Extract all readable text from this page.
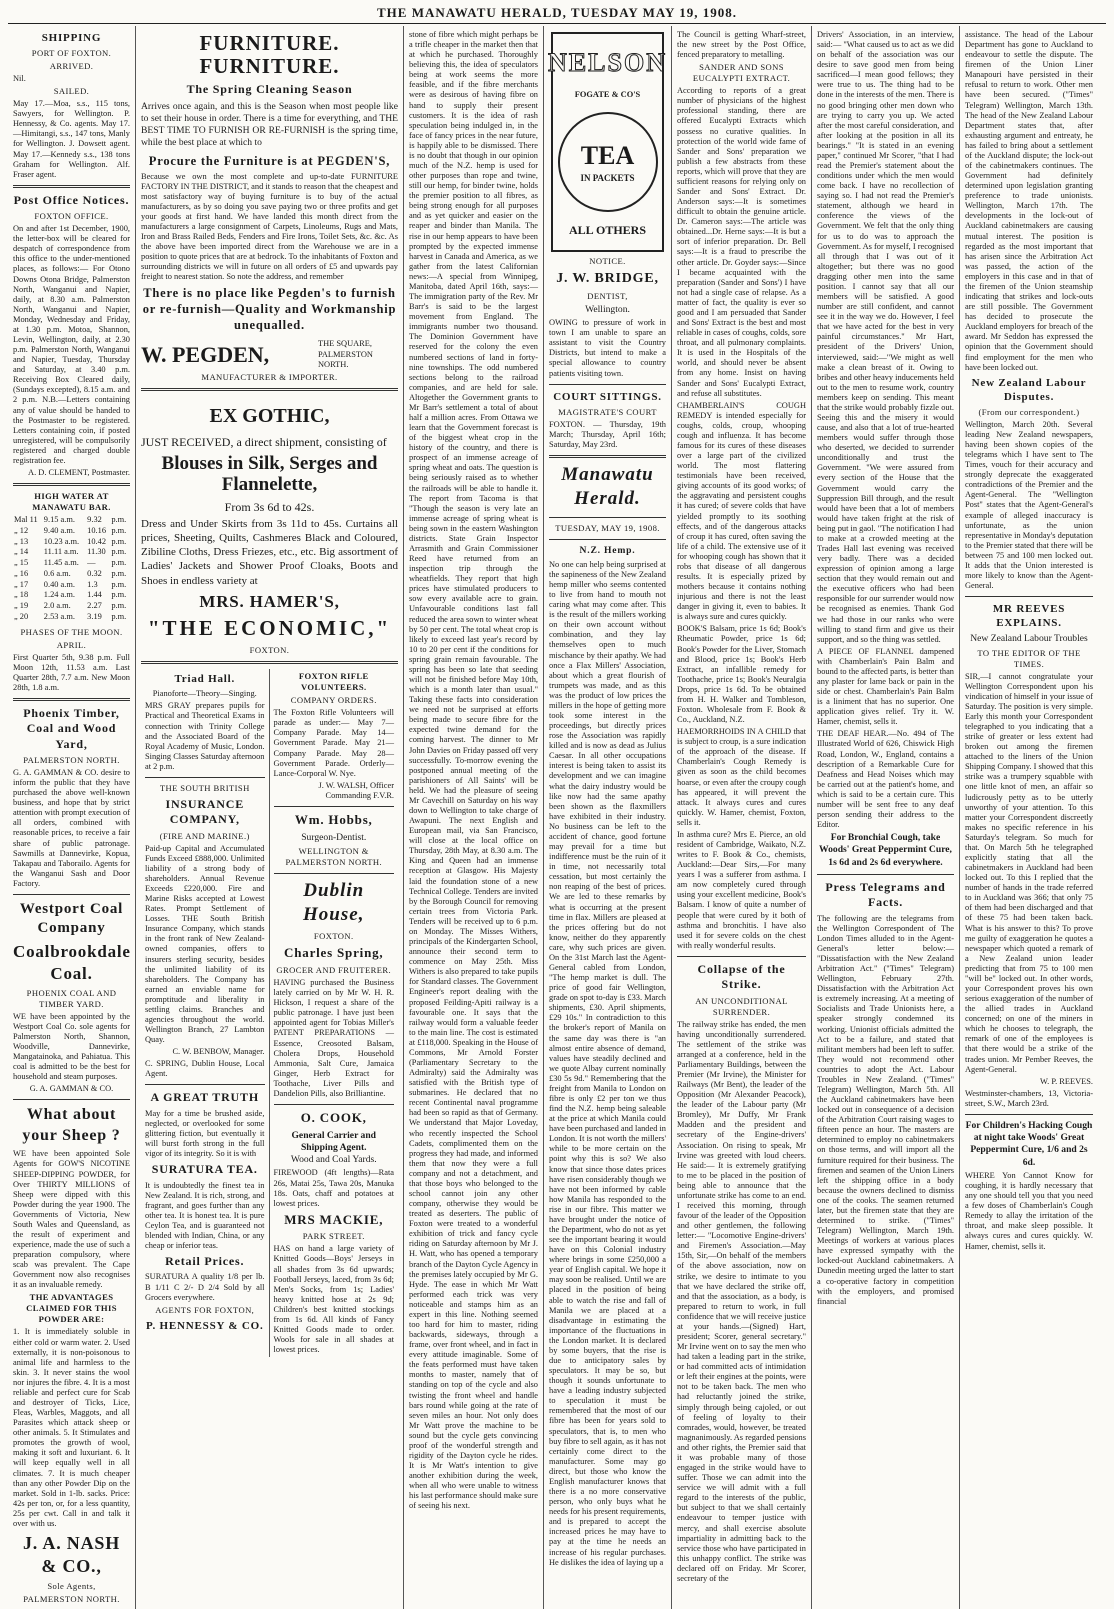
THE MANAWATU HERALD, TUESDAY MAY 19, 1908.
SHIPPING
PORT OF FOXTON.
ARRIVED.
Nil.
SAILED.
May 17.—Moa, s.s., 115 tons, Sawyers, for Wellington. P. Hennessy, & Co. agents. May 17.—Himitangi, s.s., 147 tons, Manly for Wellington. J. Dowsett agent. May 17.—Kennedy s.s., 138 tons Graham for Wellington. Alf. Fraser agent.
Post Office Notices.
FOXTON OFFICE.
On and after 1st December, 1900, the letter-box will be cleared for despatch of correspondence from this office to the under-mentioned places, as follows:— For Otono Downs Otona Bridge, Palmerston North, Wanganui and Napier, daily, at 8.30 a.m. Palmerston North, Wanganui and Napier, Monday, Wednesday and Friday, at 1.30 p.m. Motoa, Shannon, Levin, Wellington, daily, at 2.30 p.m. Palmerston North, Wanganui and Napier, Tuesday, Thursday and Saturday, at 3.40 p.m. Receiving Box Cleared daily, (Sundays excepted), 8.15 a.m. and 2 p.m. N.B.—Letters containing any of value should be handed to the Postmaster to be registered. Letters containing coin, if posted unregistered, will be compulsorily registered and charged double registration fee.
A. D. CLEMENT, Postmaster.
HIGH WATER AT MANAWATU BAR.
Mal 11	9.15 a.m.	9.32	p.m.
„ 12	9.40 a.m.	10.16	p.m.
„ 13	10.23 a.m.	10.42	p.m.
„ 14	11.11 a.m.	11.30	p.m.
„ 15	11.45 a.m.	—	p.m.
„ 16	0.6 a.m.	0.32	p.m.
„ 17	0.40 a.m.	1.3	p.m.
„ 18	1.24 a.m.	1.44	p.m.
„ 19	2.0 a.m.	2.27	p.m.
„ 20	2.53 a.m.	3.19	p.m.
PHASES OF THE MOON.
APRIL.
First Quarter 5th, 9.38 p.m. Full Moon 12th, 11.53 a.m. Last Quarter 28th, 7.7 a.m. New Moon 28th, 1.8 a.m.
Phoenix Timber, Coal and Wood Yard,
PALMERSTON NORTH.
G. A. GAMMAN & CO. desire to inform the public that they have purchased the above well-known business, and hope that by strict attention with prompt execution of all orders, combined with reasonable prices, to receive a fair share of public patronage. Sawmills at Dannevirke, Kopua, Takapau and Taborailo. Agents for the Wanganui Sash and Door Factory.
Westport Coal Company
Coalbrookdale Coal.
PHOENIX COAL AND TIMBER YARD.
WE have been appointed by the Westport Coal Co. sole agents for Palmerston North, Shannon, Woodville, Dannevirke, Mangatainoka, and Pahiatua. This coal is admitted to be the best for household and steam purposes.
G. A. GAMMAN & CO.
What about your Sheep ?
WE have been appointed Sole Agents for GOW'S NICOTINE SHEEP-DIPPING POWDER, for Over THIRTY MILLIONS of Sheep were dipped with this Powder during the year 1900. The Governments of Victoria, New South Wales and Queensland, as the result of experiment and experience, made the use of such a preparation compulsory, where scab was prevalent. The Cape Government now also recognises it as an invaluable remedy.
THE ADVANTAGES CLAIMED FOR THIS POWDER ARE:
1. It is immediately soluble in either cold or warm water. 2. Used externally, it is non-poisonous to animal life and harmless to the skin. 3. It never stains the wool nor injures the fibre. 4. It is a most reliable and perfect cure for Scab and destroyer of Ticks, Lice, Fleas, Warbles, Maggots, and all Parasites which attack sheep or other animals. 5. It Stimulates and promotes the growth of wool, making it soft and luxuriant. 6. It will keep equally well in all climates. 7. It is much cheaper than any other Powder Dip on the market. Sold in 1-lb. sacks. Price: 42s per ton, or, for a less quantity, 25s per cwt. Call in and talk it over with us.
J. A. NASH & CO.,
Sole Agents,
PALMERSTON NORTH.
FURNITURE. FURNITURE.
The Spring Cleaning Season
Arrives once again, and this is the Season when most people like to set their house in order. There is a time for everything, and THE BEST TIME TO FURNISH OR RE-FURNISH is the spring time, while the best place at which to
Procure the Furniture is at PEGDEN'S,
Because we own the most complete and up-to-date FURNITURE FACTORY IN THE DISTRICT, and it stands to reason that the cheapest and most satisfactory way of buying furniture is to buy of the actual manufacturers, as by so doing you save paying two or three profits and get your goods at first hand. We have landed this month direct from the manufacturers a large consignment of Carpets, Linoleums, Rugs and Mats, Iron and Brass Railed Beds, Fenders and Fire Irons, Toilet Sets, &c. &c. As the above have been imported direct from the Warehouse we are in a position to quote prices that are at bedrock. To the inhabitants of Foxton and surrounding districts we will in future on all orders of £5 and upwards pay freight to nearest station. So note the address, and remember
There is no place like Pegden's to furnish or re-furnish—Quality and Workmanship unequalled.
W. PEGDEN,	THE SQUARE, PALMERSTON NORTH.
MANUFACTURER & IMPORTER.
EX GOTHIC,
JUST RECEIVED, a direct shipment, consisting of
Blouses in Silk, Serges and Flannelette,
From 3s 6d to 42s.
Dress and Under Skirts from 3s 11d to 45s. Curtains all prices, Sheeting, Quilts, Cashmeres Black and Coloured, Zibiline Cloths, Dress Friezes, etc., etc. Big assortment of Ladies' Jackets and Shower Proof Cloaks, Boots and Shoes in endless variety at
MRS. HAMER'S,
"THE ECONOMIC,"
FOXTON.
Triad Hall.
Pianoforte—Theory—Singing.
MRS GRAY prepares pupils for Practical and Theoretical Exams in connection with Trinity College and the Associated Board of the Royal Academy of Music, London. Singing Classes Saturday afternoon at 2 p.m.
THE SOUTH BRITISH
INSURANCE COMPANY,
(FIRE AND MARINE.)
Paid-up Capital and Accumulated Funds Exceed £888,000. Unlimited liability of a strong body of shareholders. Annual Revenue Exceeds £220,000. Fire and Marine Risks accepted at Lowest Rates. Prompt Settlement of Losses. THE South British Insurance Company, which stands in the front rank of New Zealand-owned companies, offers to insurers sterling security, besides the unlimited liability of its shareholders. The Company has earned an enviable name for promptitude and liberality in settling claims. Branches and agencies throughout the world. Wellington Branch, 27 Lambton Quay.
C. W. BENBOW, Manager.
C. SPRING, Dublin House, Local Agent.
A GREAT TRUTH
May for a time be brushed aside, neglected, or overlooked for some glittering fiction, but eventually it will burst forth strong in the full vigor of its integrity. So it is with
SURATURA TEA.
It is undoubtedly the finest tea in New Zealand. It is rich, strong, and fragrant, and goes further than any other tea. It is honest tea. It is pure Ceylon Tea, and is guaranteed not blended with Indian, China, or any cheap or inferior teas.
Retail Prices.
SURATURA A quality 1/8 per lb. B 1/11 C 2/- D 2/4 Sold by all Grocers everywhere.
AGENTS FOR FOXTON,
P. HENNESSY & CO.
FOXTON RIFLE VOLUNTEERS.
COMPANY ORDERS.
The Foxton Rifle Volunteers will parade as under:— May 7—Company Parade. May 14—Government Parade. May 21—Company Parade. May 28—Government Parade. Orderly—Lance-Corporal W. Nye.
J. W. WALSH, Officer Commanding F.V.R.
Wm. Hobbs,
Surgeon-Dentist.
WELLINGTON & PALMERSTON NORTH.
Dublin House,
FOXTON.
Charles Spring,
GROCER AND FRUITERER.
HAVING purchased the Business lately carried on by Mr W. H. R. Hickson, I request a share of the public patronage. I have just been appointed agent for Tobias Miller's PATENT PREPARATIONS — Essence, Creosoted Balsam, Cholera Drops, Household Ammonia, Salt Cure, Jamaica Ginger, Herb Extract for Toothache, Liver Pills and Dandelion Pills, also Brilliantine.
O. COOK,
General Carrier and Shipping Agent.
Wood and Coal Yards.
FIREWOOD (4ft lengths)—Rata 26s, Matai 25s, Tawa 20s, Manuka 18s. Oats, chaff and potatoes at lowest prices.
MRS MACKIE,
PARK STREET.
HAS on hand a large variety of Knitted Goods—Boys' Jerseys in all shades from 3s 6d upwards; Football Jerseys, laced, from 3s 6d; Men's Socks, from 1s; Ladies' heavy knitted hose at 2s 9d; Children's best knitted stockings from 1s 6d. All kinds of Fancy Knitted Goods made to order. Wools for sale in all shades at lowest prices.
stone of fibre which might perhaps be a trifle cheaper in the market then that at which he purchased. Thoroughly believing this, the idea of speculators being at work seems the more feasible, and if the fibre merchants were as desirous of having fibre on hand to supply their present customers. It is the idea of rash speculation being indulged in, in the face of fancy prices in the near future, is happily able to be dismissed. There is no doubt that though in our opinion much of the N.Z. hemp is used for other purposes than rope and twine, still our hemp, for binder twine, holds the premier position to all fibres, as being strong enough for all purposes and as yet quicker and easier on the reaper and binder than Manila. The rise in our hemp appears to have been prompted by the expected immense harvest in Canada and America, as we gather from the latest Californian news:—A special from Winnipeg, Manitoba, dated April 16th, says:—The immigration party of the Rev. Mr Barr's is said to be the largest movement from England. The immigrants number two thousand. The Dominion Government have reserved for the colony the even numbered sections of land in forty-nine townships. The odd numbered sections belong to the railroad companies, and are held for sale. Altogether the Government grants to Mr Barr's settlement a total of about half a million acres. From Ottawa we learn that the Government forecast is of the biggest wheat crop in the history of the country, and there is prospect of an immense acreage of spring wheat and oats. The question is being seriously raised as to whether the railroads will be able to handle it. The report from Tacoma is that "Though the season is very late an immense acreage of spring wheat is being sown in the eastern Washington districts. State Grain Inspector Arrasmith and Grain Commissioner Reed have returned from an inspection trip through the wheatfields. They report that high prices have stimulated producers to sow every available acre to grain. Unfavourable conditions last fall reduced the area sown to winter wheat by 50 per cent. The total wheat crop is likely to exceed last year's record by 10 to 20 per cent if the conditions for spring grain remain favourable. The spring has been so late that seeding will not be finished before May 10th, which is a month later than usual." Taking these facts into consideration we need not be surprised at efforts being made to secure fibre for the expected twine demand for the coming harvest. The dinner to Mr John Davies on Friday passed off very successfully. To-morrow evening the postponed annual meeting of the parishioners of All Saints' will be held. We had the pleasure of seeing Mr Cavechill on Saturday on his way down to Wellington to take charge of Awapuni. The next English and European mail, via San Francisco, will close at the local office on Thursday, 28th May, at 8.30 a.m. The King and Queen had an immense reception at Glasgow. His Majesty laid the foundation stone of a new Technical College. Tenders are invited by the Borough Council for removing certain trees from Victoria Park. Tenders will be received up to 6 p.m. on Monday. The Misses Withers, principals of the Kindergarten School, announce their second term to commence on May 25th. Miss Withers is also prepared to take pupils for Standard classes. The Government Engineer's report dealing with the proposed Feilding-Apiti railway is a favourable one. It says that the railway would form a valuable feeder to the main line. The cost is estimated at £118,000. Speaking in the House of Commons, Mr Arnold Forster (Parliamentary Secretary to the Admiralty) said the Admiralty was satisfied with the British type of submarines. He declared that no recent Continental naval programme had been so rapid as that of Germany. We understand that Major Loveday, who recently inspected the School Cadets, complimented them on the progress they had made, and informed them that now they were a full company and not a detachment, and that those boys who belonged to the school cannot join any other company, otherwise they would be treated as deserters. The public of Foxton were treated to a wonderful exhibition of trick and fancy cycle riding on Saturday afternoon by Mr J. H. Watt, who has opened a temporary branch of the Dayton Cycle Agency in the premises lately occupied by Mr G. Hyde. The ease in which Mr Watt performed each trick was very noticeable and stamps him as an expert in this line. Nothing seemed too hard for him to master, riding backwards, sideways, through a frame, over front wheel, and in fact in every attitude imaginable. Some of the feats performed must have taken months to master, namely that of standing on top of the cycle and also twisting the front wheel and handle bars round while going at the rate of seven miles an hour. Not only does Mr Watt prove the machine to be sound but the cycle gets convincing proof of the wonderful strength and rigidity of the Dayton cycle he rides. It is Mr Watt's intention to give another exhibition during the week, when all who were unable to witness his last performance should make sure of seeing his next.
NELSON
FOGATE & CO'S
TEA
IN PACKETS
ALL OTHERS
NOTICE.
J. W. BRIDGE,
DENTIST,
Wellington.
OWING to pressure of work in town I am unable to spare an assistant to visit the Country Districts, but intend to make a special allowance to country patients visiting town.
COURT SITTINGS.
MAGISTRATE'S COURT
FOXTON. — Thursday, 19th March; Thursday, April 16th; Saturday, May 23rd.
Manawatu Herald.
TUESDAY, MAY 19, 1908.
N.Z. Hemp.
No one can help being surprised at the sapineness of the New Zealand hemp miller who seems contented to live from hand to mouth not caring what may come after. This is the result of the millers working on their own account without combination, and they lay themselves open to much mischance by their apathy. We had once a Flax Millers' Association, about which a great flourish of trumpets was made, and as this was the product of low prices the millers in the hope of getting more took some interest in the proceedings, but directly prices rose the Association was rapidly killed and is now as dead as Julius Caesar. In all other occupations interest is being taken to assist its development and we can imagine what the dairy industry would be like now had the same apathy been shown as the flaxmillers have exhibited in their industry. No business can be left to the accident of chance, good fortune may prevail for a time but indifference must be the ruin of it in time, not necessarily total cessation, but most certainly the non reaping of the best of prices. We are led to these remarks by what is occurring at the present time in flax. Millers are pleased at the prices offering but do not know, neither do they apparently care, why such prices are given. On the 31st March last the Agent-General cabled from London, "The hemp market is dull. The price of good fair Wellington, grade on spot to-day is £33. March shipments, £30. April shipments, £29 10s." In contradiction to this the broker's report of Manila on the same day was there is "an almost entire absence of demand, values have steadily declined and we quote Albay current nominally £30 5s 9d." Remembering that the freight from Manila to London on fibre is only £2 per ton we thus find the N.Z. hemp being saleable at the price at which Manila could have been purchased and landed in London. It is not worth the millers' while to be more certain on the point why this is so? We also know that since those dates prices have risen considerably though we have not been informed by cable how Manila has responded to the rise in our fibre. This matter we have brought under the notice of the Department, who do not as yet see the important bearing it would have on this Colonial industry where brings in some £250,000 a year of English capital. We hope it may soon be realised. Until we are placed in the position of being able to watch the rise and fall of Manila we are placed at a disadvantage in estimating the importance of the fluctuations in the London market. It is declared by some buyers, that the rise is due to anticipatory sales by speculators. It may be so, but though it sounds unfortunate to have a leading industry subjected to speculation it must be remembered that the most of our fibre has been for years sold to speculators, that is, to men who buy fibre to sell again, as it has not certainly come direct to the manufacturer. Some may go direct, but those who know the English manufacturer knows that there is a no more conservative person, who only buys what he needs for his present requirements, and is prepared to accept the increased prices he may have to pay at the time he needs an increase of his regular purchases. He dislikes the idea of laying up a
The Council is getting Wharf-street, the new street by the Post Office, fenced preparatory to metalling.
SANDER AND SONS EUCALYPTI EXTRACT.
According to reports of a great number of physicians of the highest professional standing, there are offered Eucalypti Extracts which possess no curative qualities. In protection of the world wide fame of Sander and Sons' preparation we publish a few abstracts from these reports, which will prove that they are sufficient reasons for relying only on Sander and Sons' Extract. Dr. Anderson says:—It is sometimes difficult to obtain the genuine article. Dr. Cameron says:—The article was obtained...Dr. Herne says:—It is but a sort of inferior preparation. Dr. Bell says:—It is a fraud to prescribe the other article. Dr. Goyder says:—Since I became acquainted with the preparation (Sander and Sons') I have not had a single case of relapse. As a matter of fact, the quality is ever so good and I am persuaded that Sander and Sons' Extract is the best and most reliable in cases of coughs, colds, sore throat, and all pulmonary complaints. It is used in the Hospitals of the world, and should never be absent from any home. Insist on having Sander and Sons' Eucalypti Extract, and refuse all substitutes.
CHAMBERLAIN'S COUGH REMEDY is intended especially for coughs, colds, croup, whooping cough and influenza. It has become famous for its cures of these diseases over a large part of the civilized world. The most flattering testimonials have been received, giving accounts of its good works; of the aggravating and persistent coughs it has cured; of severe colds that have yielded promptly to its soothing effects, and of the dangerous attacks of croup it has cured, often saving the life of a child. The extensive use of it for whooping cough has shown that it robs that disease of all dangerous results. It is especially prized by mothers because it contains nothing injurious and there is not the least danger in giving it, even to babies. It is always sure and cures quickly.
BOOK'S Balsam, price 1s 6d; Book's Rheumatic Powder, price 1s 6d; Book's Powder for the Liver, Stomach and Blood, price 1s; Book's Herb Extract, an infallible remedy for Toothache, price 1s; Book's Neuralgia Drops, price 1s 6d. To be obtained from H. H. Walker and Tombleson, Foxton. Wholesale from F. Book & Co., Auckland, N.Z.
HAEMORRHOIDS IN A CHILD that is subject to croup, is a sure indication of the approach of the disease. If Chamberlain's Cough Remedy is given as soon as the child becomes hoarse, or even after the croupy cough has appeared, it will prevent the attack. It always cures and cures quickly. W. Hamer, chemist, Foxton, sells it.
In asthma cure? Mrs E. Pierce, an old resident of Cambridge, Waikato, N.Z. writes to F. Book & Co., chemists, Auckland:—Dear Sirs,—For many years I was a sufferer from asthma. I am now completely cured through using your excellent medicine, Book's Balsam. I know of quite a number of people that were cured by it both of asthma and bronchitis. I have also used it for severe colds on the chest with really wonderful results.
Collapse of the Strike.
AN UNCONDITIONAL SURRENDER.
The railway strike has ended, the men having unconditionally surrendered. The settlement of the strike was arranged at a conference, held in the Parliamentary Buildings, between the Premier (Mr Irvine), the Minister for Railways (Mr Bent), the leader of the Opposition (Mr Alexander Peacock), the leader of the Labour party (Mr Bromley), Mr Duffy, Mr Frank Madden and the president and secretary of the Engine-drivers' Association. On rising to speak, Mr Irvine was greeted with loud cheers. He said:— It is extremely gratifying to me to be placed in the position of being able to announce that the unfortunate strike has come to an end. I received this morning, through favour of the leader of the Opposition and other gentlemen, the following letter:— "Locomotive Engine-drivers' and Firemen's Association.—May 15th, Sir,—On behalf of the members of the above association, now on strike, we desire to intimate to you that we have declared the strike off, and that the association, as a body, is prepared to return to work, in full confidence that we will receive justice at your hands.—(Signed) Hart, president; Scorer, general secretary." Mr Irvine went on to say the men who had taken a leading part in the strike, or had committed acts of intimidation or left their engines at the points, were not to be taken back. The men who had reluctantly joined the strike, simply through being cajoled, or out of feeling of loyalty to their comrades, would, however, be treated magnanimously. As regarded pensions and other rights, the Premier said that it was probable many of those engaged in the strike would have to suffer. Those we can admit into the service we will admit with a full regard to the interests of the public, but subject to that we shall certainly endeavour to temper justice with mercy, and shall exercise absolute impartiality in admitting back to the service those who have participated in this unhappy conflict. The strike was declared off on Friday. Mr Scorer, secretary of the
Drivers' Association, in an interview, said:— "What caused us to act as we did on behalf of the association was our desire to save good men from being sacrificed—I mean good fellows; they were true to us. The thing had to be done in the interests of the men. There is no good bringing other men down who are trying to carry you up. We acted after the most careful consideration, and after looking at the position in all its bearings." "It is stated in an evening paper," continued Mr Scorer, "that I had read the Premier's statement about the conditions under which the men would come back. I have no recollection of saying so. I had not read the Premier's statement, although we heard in conference the views of the Government. We felt that the only thing for us to do was to approach the Government. As for myself, I recognised all through that I was out of it altogether; but there was no good dragging other men into the same position. I cannot say that all our members will be satisfied. A good number are still confident, and cannot see it in the way we do. However, I feel that we have acted for the best in very painful circumstances." Mr Hart, president of the Drivers' Union, interviewed, said:—"We might as well make a clean breast of it. Owing to bribes and other heavy inducements held out to the men to resume work, country members keep on sending. This meant that the strike would probably fizzle out. Seeing this and the misery it would cause, and also that a lot of true-hearted members would suffer through those who deserted, we decided to surrender unconditionally and trust the Government. "We were assured from every section of the House that the Government would carry the Suppression Bill through, and the result would have been that a lot of members would have taken fright at the risk of being put in gaol. "The notification I had to make at a crowded meeting at the Trades Hall last evening was received very badly. There was a decided expression of opinion among a large section that they would remain out and the executive officers who had been responsible for our surrender would now be recognised as enemies. Thank God we had those in our ranks who were willing to stand firm and give us their support, and so the thing was settled.
A PIECE OF FLANNEL dampened with Chamberlain's Pain Balm and bound to the affected parts, is better than any plaster for lame back or pain in the side or chest. Chamberlain's Pain Balm is a liniment that has no superior. One application gives relief. Try it. W. Hamer, chemist, sells it.
THE DEAF HEAR.—No. 494 of The Illustrated World of 626, Chiswick High Road, London, W., England, contains a description of a Remarkable Cure for Deafness and Head Noises which may be carried out at the patient's home, and which is said to be a certain cure. This number will be sent free to any deaf person sending their address to the Editor.
For Bronchial Cough, take Woods' Great Peppermint Cure, 1s 6d and 2s 6d everywhere.
Press Telegrams and Facts.
The following are the telegrams from the Wellington Correspondent of The London Times alluded to in the Agent-General's letter below:— "Dissatisfaction with the New Zealand Arbitration Act." ("Times" Telegram) Wellington, February 27th. Dissatisfaction with the Arbitration Act is extremely increasing. At a meeting of Socialists and Trade Unionists here, a speaker strongly condemned its working. Unionist officials admitted the Act to be a failure, and stated that militant members had been left to suffer. They would not recommend other countries to adopt the Act. Labour Troubles in New Zealand. ("Times" Telegram) Wellington, March 5th. All the Auckland cabinetmakers have been locked out in consequence of a decision of the Arbitration Court raising wages to fifteen pence an hour. The masters are determined to employ no cabinetmakers on those terms, and will import all the furniture required for their business. The firemen and seamen of the Union Liners left the shipping office in a body because the owners declined to dismiss one of the cooks. The seamen returned later, but the firemen state that they are determined to strike. ("Times" Telegram) Wellington, March 19th. Meetings of workers at various places have expressed sympathy with the locked-out Auckland cabinetmakers. A Dunedin meeting urged the latter to start a co-operative factory in competition with the employers, and promised financial
assistance. The head of the Labour Department has gone to Auckland to endeavour to settle the dispute. The firemen of the Union Liner Manapouri have persisted in their refusal to return to work. Other men have been secured. ("Times" Telegram) Wellington, March 13th. The head of the New Zealand Labour Department states that, after exhausting argument and entreaty, he has failed to bring about a settlement of the Auckland dispute; the lock-out of the cabinetmakers continues. The Government had definitely determined upon legislation granting preference to trade unionists. Wellington, March 17th. The developments in the lock-out of Auckland cabinetmakers are causing mutual interest. The position is regarded as the most important that has arisen since the Arbitration Act was passed, the action of the employers in this case and in that of the firemen of the Union steamship indicating that strikes and lock-outs are still possible. The Government has decided to prosecute the Auckland employers for breach of the award. Mr Seddon has expressed the opinion that the Government should find employment for the men who have been locked out.
New Zealand Labour Disputes.
(From our correspondent.)
Wellington, March 20th. Several leading New Zealand newspapers, having been shown copies of the telegrams which I have sent to The Times, vouch for their accuracy and strongly deprecate the exaggerated contradictions of the Premier and the Agent-General. The "Wellington Post" states that the Agent-General's example of alleged inaccuracy is unfortunate, as the union representative in Monday's deputation to the Premier stated that there will be between 75 and 100 men locked out. It adds that the Union interested is more likely to know than the Agent-General.
MR REEVES EXPLAINS.
New Zealand Labour Troubles
TO THE EDITOR OF THE TIMES.
SIR,—I cannot congratulate your Wellington Correspondent upon his vindication of himself in your issue of Saturday. The position is very simple. Early this month your Correspondent telegraphed to you indicating that a strike of greater or less extent had broken out among the firemen attached to the liners of the Union Shipping Company. I showed that this strike was a trumpery squabble with one little knot of men, an affair so ludicrously petty as to be utterly unworthy of your attention. To this matter your Correspondent discreetly makes no specific reference in his Saturday's telegram. So much for that. On March 5th he telegraphed explicitly stating that all the cabinetmakers in Auckland had been locked out. To this I replied that the number of hands in the trade referred to in Auckland was 366; that only 75 of them had been discharged and that of these 75 had been taken back. What is his answer to this? To prove me guilty of exaggeration he quotes a newspaper which quoted a remark of a New Zealand union leader predicting that from 75 to 100 men "will be" locked out. In other words, your Correspondent proves his own serious exaggeration of the number of the allied trades in Auckland concerned; on one of the miners in which he chooses to telegraph, the remark of one of the employees is that there would be a strike of the trades union. Mr Pember Reeves, the Agent-General.
W. P. REEVES.
Westminster-chambers, 13, Victoria-street, S.W., March 23rd.
For Children's Hacking Cough at night take Woods' Great Peppermint Cure, 1/6 and 2s 6d.
WHERE Yon Cannot Know for coughing, it is hardly necessary that any one should tell you that you need a few doses of Chamberlain's Cough Remedy to allay the irritation of the throat, and make sleep possible. It always cures and cures quickly. W. Hamer, chemist, sells it.
